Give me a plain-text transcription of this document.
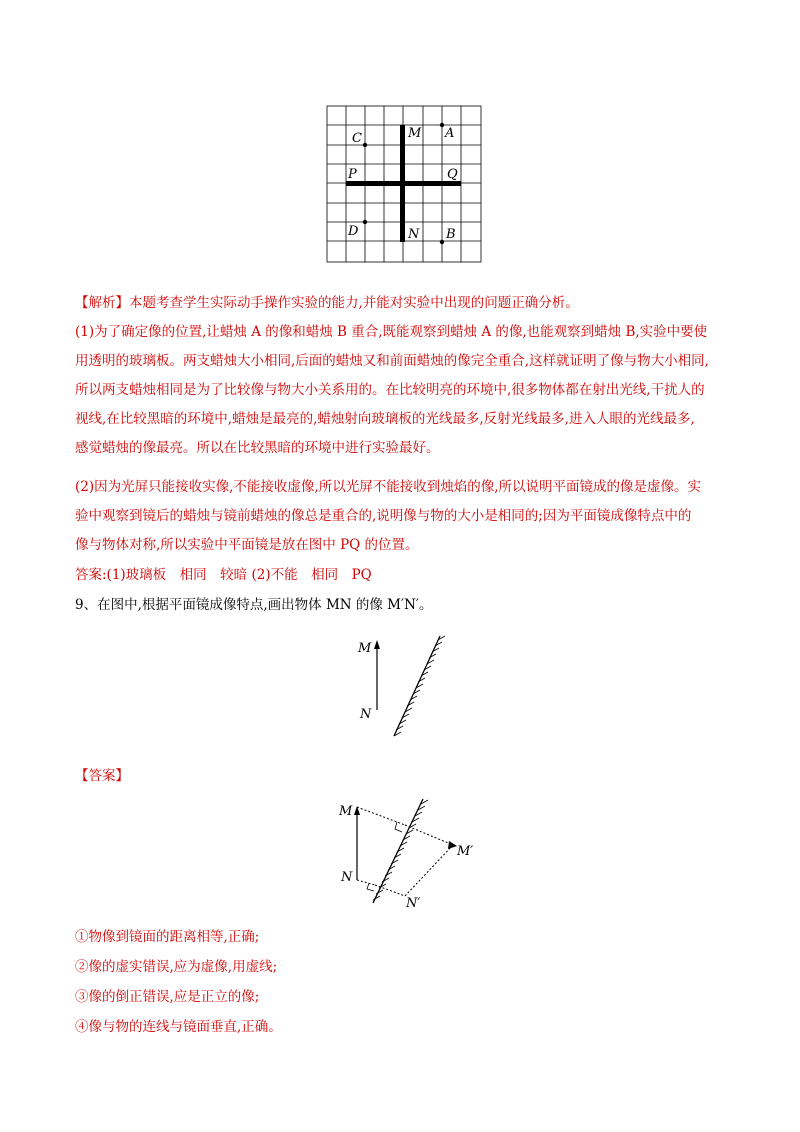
C	M A
P	Q
D	N B
【解析】本题考查学生实际动手操作实验的能力,并能对实验中出现的问题正确分析。
(1)为了确定像的位置,让蜡烛 A 的像和蜡烛 B 重合,既能观察到蜡烛 A 的像,也能观察到蜡烛 B,实验中要使
用透明的玻璃板。两支蜡烛大小相同,后面的蜡烛又和前面蜡烛的像完全重合,这样就证明了像与物大小相同,
所以两支蜡烛相同是为了比较像与物大小关系用的。在比较明亮的环境中,很多物体都在射出光线,干扰人的
视线,在比较黑暗的环境中,蜡烛是最亮的,蜡烛射向玻璃板的光线最多,反射光线最多,进入人眼的光线最多,
感觉蜡烛的像最亮。所以在比较黑暗的环境中进行实验最好。
(2)因为光屏只能接收实像,不能接收虚像,所以光屏不能接收到烛焰的像,所以说明平面镜成的像是虚像。实
验中观察到镜后的蜡烛与镜前蜡烛的像总是重合的,说明像与物的大小是相同的;因为平面镜成像特点中的
像与物体对称,所以实验中平面镜是放在图中 PQ 的位置。
答案:(1)玻璃板　相同　较暗 (2)不能　相同　PQ
9、在图中,根据平面镜成像特点,画出物体 MN 的像 M′N′。
M
N
【答案】
M
N
M′
N′
①物像到镜面的距离相等,正确;
②像的虚实错误,应为虚像,用虚线;
③像的倒正错误,应是正立的像;
④像与物的连线与镜面垂直,正确。
